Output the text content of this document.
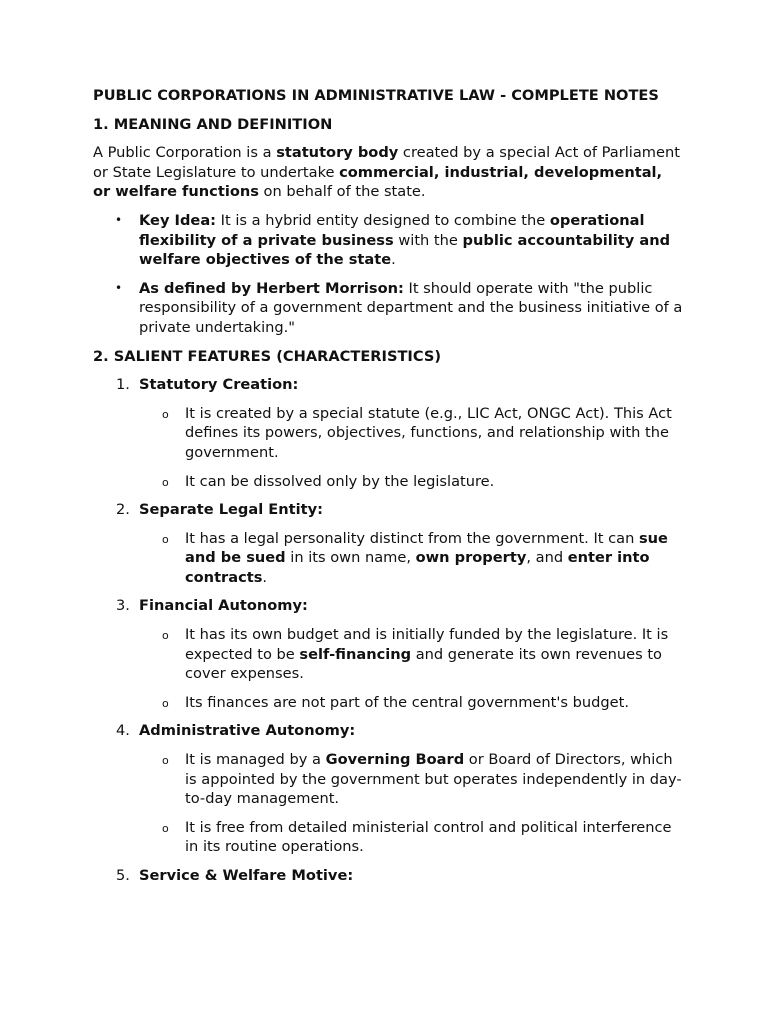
PUBLIC CORPORATIONS IN ADMINISTRATIVE LAW - COMPLETE NOTES
1. MEANING AND DEFINITION

A Public Corporation is a statutory body created by a special Act of Parliament or State Legislature to undertake commercial, industrial, developmental, or welfare functions on behalf of the state.

• Key Idea: It is a hybrid entity designed to combine the operational flexibility of a private business with the public accountability and welfare objectives of the state.
• As defined by Herbert Morrison: It should operate with "the public responsibility of a government department and the business initiative of a private undertaking."
2. SALIENT FEATURES (CHARACTERISTICS)
1. Statutory Creation:
o It is created by a special statute (e.g., LIC Act, ONGC Act). This Act defines its powers, objectives, functions, and relationship with the government.
o It can be dissolved only by the legislature.
2. Separate Legal Entity:
o It has a legal personality distinct from the government. It can sue and be sued in its own name, own property, and enter into contracts.
3. Financial Autonomy:
o It has its own budget and is initially funded by the legislature. It is expected to be self-financing and generate its own revenues to cover expenses.
o Its finances are not part of the central government's budget.
4. Administrative Autonomy:
o It is managed by a Governing Board or Board of Directors, which is appointed by the government but operates independently in day-to-day management.
o It is free from detailed ministerial control and political interference in its routine operations.
5. Service & Welfare Motive:
